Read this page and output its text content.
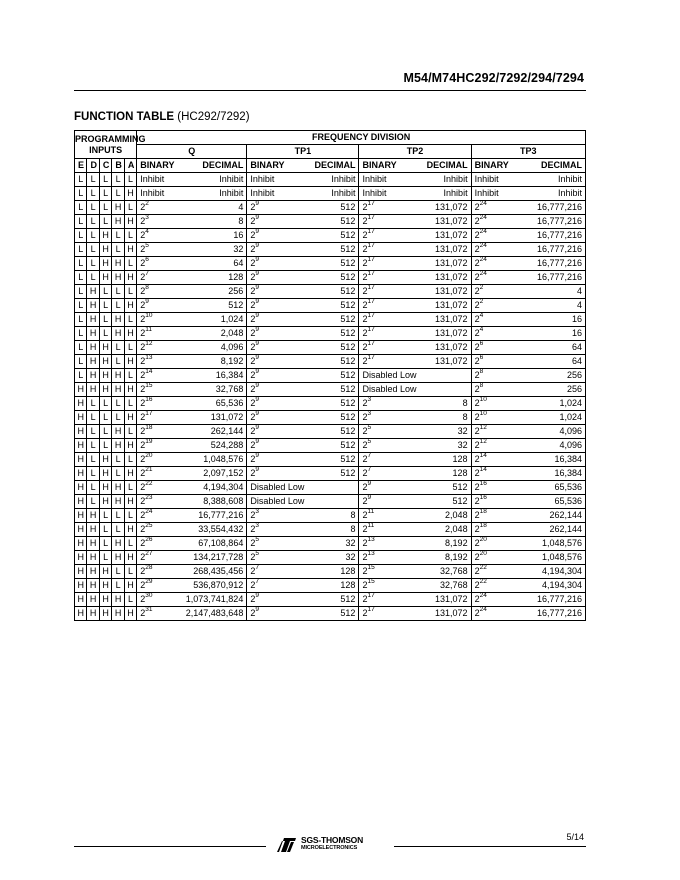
M54/M74HC292/7292/294/7294
FUNCTION TABLE (HC292/7292)
PROGRAMMING
INPUTS					FREQUENCY DIVISION							
					Q		TP1		TP2		TP3	
E	D	C	B	A	BINARY	DECIMAL	BINARY	DECIMAL	BINARY	DECIMAL	BINARY	DECIMAL
L	L	L	L	L	Inhibit	Inhibit	Inhibit	Inhibit	Inhibit	Inhibit	Inhibit	Inhibit
L	L	L	L	H	Inhibit	Inhibit	Inhibit	Inhibit	Inhibit	Inhibit	Inhibit	Inhibit
L	L	L	H	L	$2^2$	4	$2^9$	512	$2^{17}$	131,072	$2^{24}$	16,777,216
L	L	L	H	H	$2^3$	8	$2^9$	512	$2^{17}$	131,072	$2^{24}$	16,777,216
L	L	H	L	L	$2^4$	16	$2^9$	512	$2^{17}$	131,072	$2^{24}$	16,777,216
L	L	H	L	H	$2^5$	32	$2^9$	512	$2^{17}$	131,072	$2^{24}$	16,777,216
L	L	H	H	L	$2^6$	64	$2^9$	512	$2^{17}$	131,072	$2^{24}$	16,777,216
L	L	H	H	H	$2^7$	128	$2^9$	512	$2^{17}$	131,072	$2^{24}$	16,777,216
L	H	L	L	L	$2^8$	256	$2^9$	512	$2^{17}$	131,072	$2^2$	4
L	H	L	L	H	$2^9$	512	$2^9$	512	$2^{17}$	131,072	$2^2$	4
L	H	L	H	L	$2^{10}$	1,024	$2^9$	512	$2^{17}$	131,072	$2^4$	16
L	H	L	H	H	$2^{11}$	2,048	$2^9$	512	$2^{17}$	131,072	$2^4$	16
L	H	H	L	L	$2^{12}$	4,096	$2^9$	512	$2^{17}$	131,072	$2^6$	64
L	H	H	L	H	$2^{13}$	8,192	$2^9$	512	$2^{17}$	131,072	$2^6$	64
L	H	H	H	L	$2^{14}$	16,384	$2^9$	512	Disabled Low		$2^8$	256
H	H	H	H	H	$2^{15}$	32,768	$2^9$	512	Disabled Low		$2^8$	256
H	L	L	L	L	$2^{16}$	65,536	$2^9$	512	$2^3$	8	$2^{10}$	1,024
H	L	L	L	H	$2^{17}$	131,072	$2^9$	512	$2^3$	8	$2^{10}$	1,024
H	L	L	H	L	$2^{18}$	262,144	$2^9$	512	$2^5$	32	$2^{12}$	4,096
H	L	L	H	H	$2^{19}$	524,288	$2^9$	512	$2^5$	32	$2^{12}$	4,096
H	L	H	L	L	$2^{20}$	1,048,576	$2^9$	512	$2^7$	128	$2^{14}$	16,384
H	L	H	L	H	$2^{21}$	2,097,152	$2^9$	512	$2^7$	128	$2^{14}$	16,384
H	L	H	H	L	$2^{22}$	4,194,304	Disabled Low		$2^9$	512	$2^{16}$	65,536
H	L	H	H	H	$2^{23}$	8,388,608	Disabled Low		$2^9$	512	$2^{16}$	65,536
H	H	L	L	L	$2^{24}$	16,777,216	$2^3$	8	$2^{11}$	2,048	$2^{18}$	262,144
H	H	L	L	H	$2^{25}$	33,554,432	$2^3$	8	$2^{11}$	2,048	$2^{18}$	262,144
H	H	L	H	L	$2^{26}$	67,108,864	$2^5$	32	$2^{13}$	8,192	$2^{20}$	1,048,576
H	H	L	H	H	$2^{27}$	134,217,728	$2^5$	32	$2^{13}$	8,192	$2^{20}$	1,048,576
H	H	H	L	L	$2^{28}$	268,435,456	$2^7$	128	$2^{15}$	32,768	$2^{22}$	4,194,304
H	H	H	L	H	$2^{29}$	536,870,912	$2^7$	128	$2^{15}$	32,768	$2^{22}$	4,194,304
H	H	H	H	L	$2^{30}$	1,073,741,824	$2^9$	512	$2^{17}$	131,072	$2^{24}$	16,777,216
H	H	H	H	H	$2^{31}$	2,147,483,648	$2^9$	512	$2^{17}$	131,072	$2^{24}$	16,777,216
5/14
SGS-THOMSON
MICROELECTRONICS
